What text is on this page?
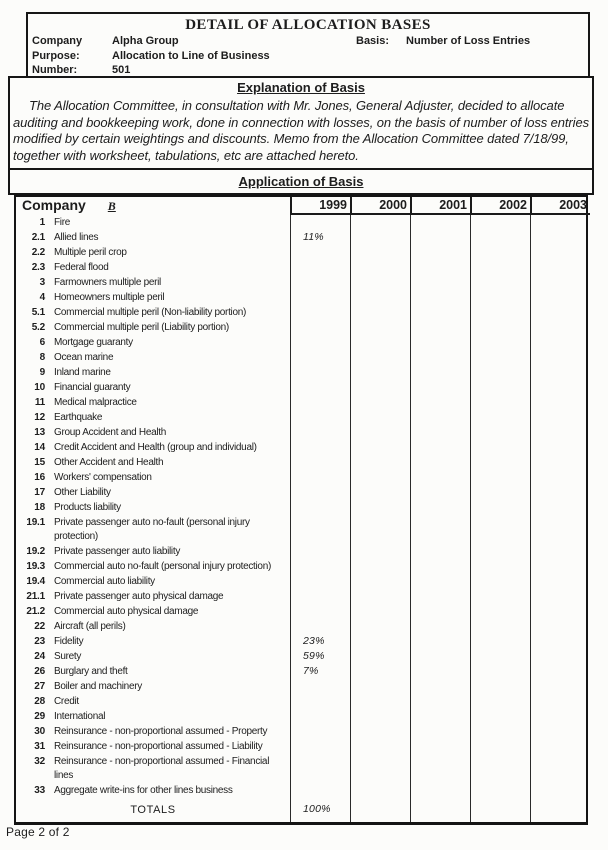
DETAIL OF ALLOCATION BASES
Company	Alpha Group	Basis:	Number of Loss Entries
Purpose:	Allocation to Line of Business
Number:	501
Explanation of Basis
The Allocation Committee, in consultation with Mr. Jones, General Adjuster, decided to allocate auditing and bookkeeping work, done in connection with losses, on the basis of number of loss entries modified by certain weightings and discounts. Memo from the Allocation Committee dated 7/18/99, together with worksheet, tabulations, etc are attached hereto.
Application of Basis
Company B	1999	2000	2001	2002	2003
1 Fire
2.1 Allied lines	11%
2.2 Multiple peril crop
2.3 Federal flood
3 Farmowners multiple peril
4 Homeowners multiple peril
5.1 Commercial multiple peril (Non-liability portion)
5.2 Commercial multiple peril (Liability portion)
6 Mortgage guaranty
8 Ocean marine
9 Inland marine
10 Financial guaranty
11 Medical malpractice
12 Earthquake
13 Group Accident and Health
14 Credit Accident and Health (group and individual)
15 Other Accident and Health
16 Workers' compensation
17 Other Liability
18 Products liability
19.1 Private passenger auto no-fault (personal injury protection)
19.2 Private passenger auto liability
19.3 Commercial auto no-fault (personal injury protection)
19.4 Commercial auto liability
21.1 Private passenger auto physical damage
21.2 Commercial auto physical damage
22 Aircraft (all perils)
23 Fidelity	23%
24 Surety	59%
26 Burglary and theft	7%
27 Boiler and machinery
28 Credit
29 International
30 Reinsurance - non-proportional assumed - Property
31 Reinsurance - non-proportional assumed - Liability
32 Reinsurance - non-proportional assumed - Financial lines
33 Aggregate write-ins for other lines business
TOTALS	100%
Page 2 of 2
